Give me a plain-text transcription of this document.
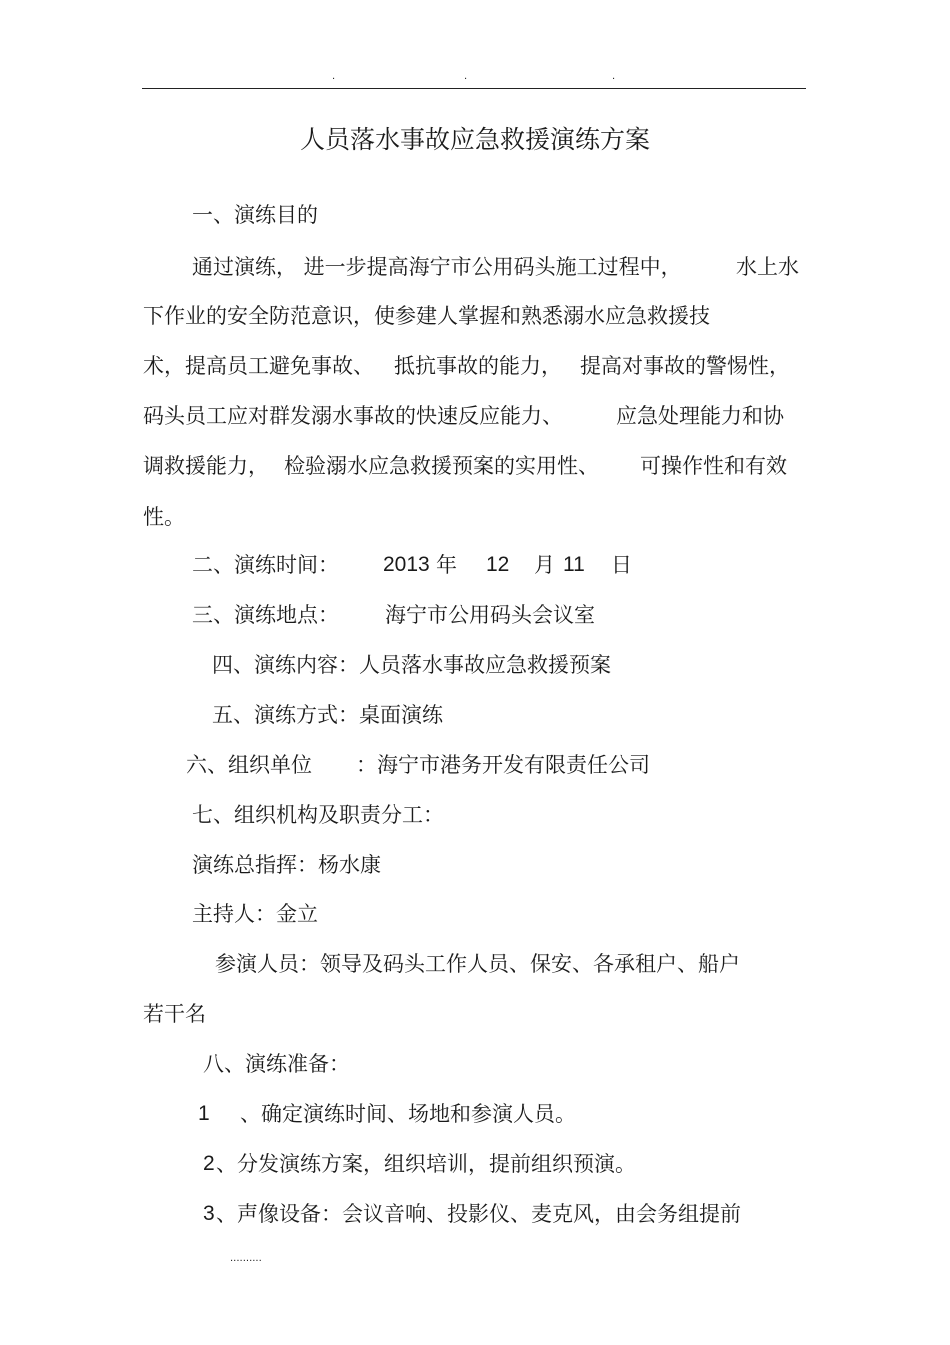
.	.	.
人员落水事故应急救援演练方案
一、演练目的
通过演练， 进一步提高海宁市公用码头施工过程中，	水上水
下作业的安全防范意识，使参建人掌握和熟悉溺水应急救援技
术，提高员工避免事故、 抵抗事故的能力， 提高对事故的警惕性，
码头员工应对群发溺水事故的快速反应能力、	应急处理能力和协
调救援能力， 检验溺水应急救援预案的实用性、 可操作性和有效
性。
二、演练时间： 2013 年 12 月 11 日
三、演练地点： 海宁市公用码头会议室
四、演练内容：人员落水事故应急救援预案
五、演练方式：桌面演练
六、组织单位 ：海宁市港务开发有限责任公司
七、组织机构及职责分工：
演练总指挥：杨水康
主持人：金立
参演人员：领导及码头工作人员、保安、各承租户、船户
若干名
八、演练准备：
1 、确定演练时间、场地和参演人员。
2 、分发演练方案，组织培训，提前组织预演。
3 、声像设备：会议音响、投影仪、麦克风，由会务组提前
..........
